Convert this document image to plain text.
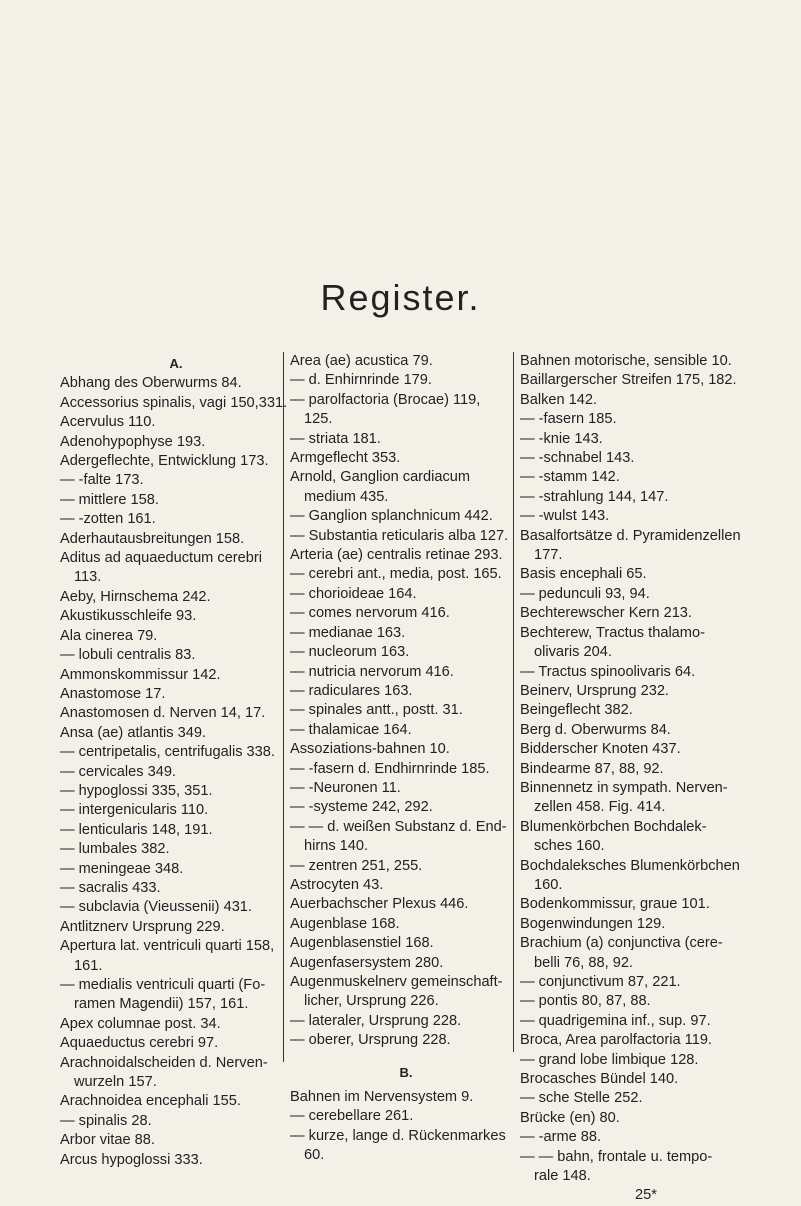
Register.
A.
Abhang des Oberwurms 84.
Accessorius spinalis, vagi 150,331.
Acervulus 110.
Adenohypophyse 193.
Adergeflechte, Entwicklung 173.
— -falte 173.
— mittlere 158.
— -zotten 161.
Aderhautausbreitungen 158.
Aditus ad aquaeductum cerebri
113.
Aeby, Hirnschema 242.
Akustikusschleife 93.
Ala cinerea 79.
— lobuli centralis 83.
Ammonskommissur 142.
Anastomose 17.
Anastomosen d. Nerven 14, 17.
Ansa (ae) atlantis 349.
— centripetalis, centrifugalis 338.
— cervicales 349.
— hypoglossi 335, 351.
— intergenicularis 110.
— lenticularis 148, 191.
— lumbales 382.
— meningeae 348.
— sacralis 433.
— subclavia (Vieussenii) 431.
Antlitznerv Ursprung 229.
Apertura lat. ventriculi quarti 158,
161.
— medialis ventriculi quarti (Fo-
ramen Magendii) 157, 161.
Apex columnae post. 34.
Aquaeductus cerebri 97.
Arachnoidalscheiden d. Nerven-
wurzeln 157.
Arachnoidea encephali 155.
— spinalis 28.
Arbor vitae 88.
Arcus hypoglossi 333.
Area (ae) acustica 79.
— d. Enhirnrinde 179.
— parolfactoria (Brocae) 119,
125.
— striata 181.
Armgeflecht 353.
Arnold, Ganglion cardiacum
medium 435.
— Ganglion splanchnicum 442.
— Substantia reticularis alba 127.
Arteria (ae) centralis retinae 293.
— cerebri ant., media, post. 165.
— chorioideae 164.
— comes nervorum 416.
— medianae 163.
— nucleorum 163.
— nutricia nervorum 416.
— radiculares 163.
— spinales antt., postt. 31.
— thalamicae 164.
Assoziations-bahnen 10.
— -fasern d. Endhirnrinde 185.
— -Neuronen 11.
— -systeme 242, 292.
— — d. weißen Substanz d. End-
hirns 140.
— zentren 251, 255.
Astrocyten 43.
Auerbachscher Plexus 446.
Augenblase 168.
Augenblasenstiel 168.
Augenfasersystem 280.
Augenmuskelnerv gemeinschaft-
licher, Ursprung 226.
— lateraler, Ursprung 228.
— oberer, Ursprung 228.
B.
Bahnen im Nervensystem 9.
— cerebellare 261.
— kurze, lange d. Rückenmarkes
60.
Bahnen motorische, sensible 10.
Baillargerscher Streifen 175, 182.
Balken 142.
— -fasern 185.
— -knie 143.
— -schnabel 143.
— -stamm 142.
— -strahlung 144, 147.
— -wulst 143.
Basalfortsätze d. Pyramidenzellen
177.
Basis encephali 65.
— pedunculi 93, 94.
Bechterewscher Kern 213.
Bechterew, Tractus thalamo-
olivaris 204.
— Tractus spinoolivaris 64.
Beinerv, Ursprung 232.
Beingeflecht 382.
Berg d. Oberwurms 84.
Bidderscher Knoten 437.
Bindearme 87, 88, 92.
Binnennetz in sympath. Nerven-
zellen 458. Fig. 414.
Blumenkörbchen Bochdalek-
sches 160.
Bochdaleksches Blumenkörbchen
160.
Bodenkommissur, graue 101.
Bogenwindungen 129.
Brachium (a) conjunctiva (cere-
belli 76, 88, 92.
— conjunctivum 87, 221.
— pontis 80, 87, 88.
— quadrigemina inf., sup. 97.
Broca, Area parolfactoria 119.
— grand lobe limbique 128.
Brocasches Bündel 140.
— sche Stelle 252.
Brücke (en) 80.
— -arme 88.
— — bahn, frontale u. tempo-
rale 148.
25*
